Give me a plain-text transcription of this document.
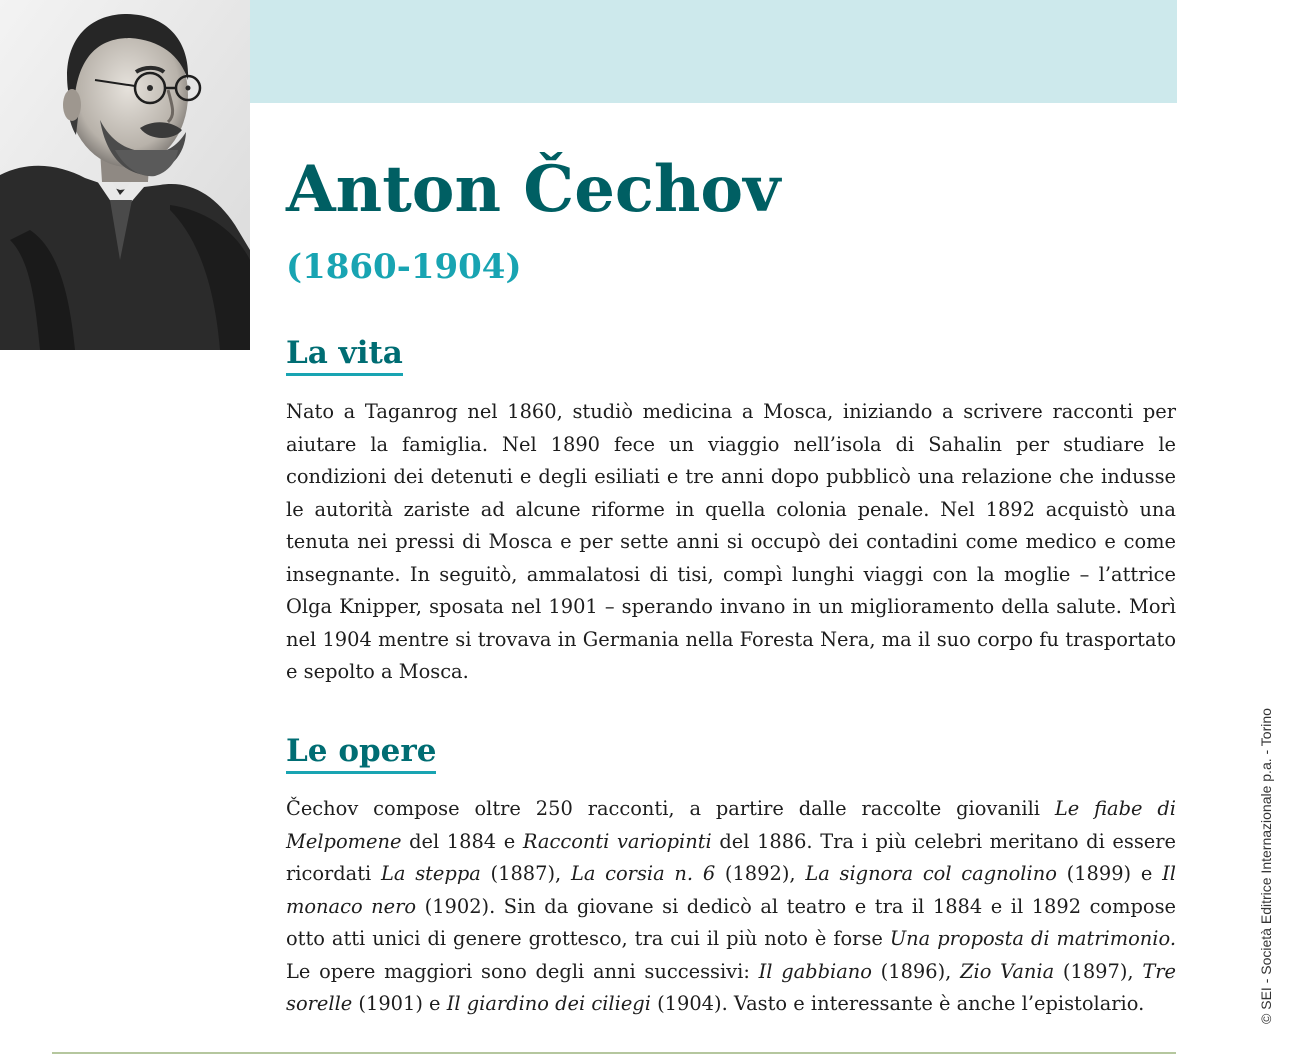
Anton Čechov
(1860-1904)
La vita

Nato a Taganrog nel 1860, studiò medicina a Mosca, iniziando a scrivere racconti per aiutare la famiglia. Nel 1890 fece un viaggio nell’isola di Sahalin per studiare le condizioni dei detenuti e degli esiliati e tre anni dopo pubblicò una relazione che indusse le autorità zariste ad alcune riforme in quella colonia penale. Nel 1892 acquistò una tenuta nei pressi di Mosca e per sette anni si occupò dei contadini come medico e come insegnante. In seguitò, ammalatosi di tisi, compì lunghi viaggi con la moglie – l’attrice Olga Knipper, sposata nel 1901 – sperando invano in un miglioramento della salute. Morì nel 1904 mentre si trovava in Germania nella Foresta Nera, ma il suo corpo fu trasportato e sepolto a Mosca.

Le opere

Čechov compose oltre 250 racconti, a partire dalle raccolte giovanili Le fiabe di Melpomene del 1884 e Racconti variopinti del 1886. Tra i più celebri meritano di essere ricordati La steppa (1887), La corsia n. 6 (1892), La signora col cagnolino (1899) e Il monaco nero (1902). Sin da giovane si dedicò al teatro e tra il 1884 e il 1892 compose otto atti unici di genere grottesco, tra cui il più noto è forse Una proposta di matrimonio. Le opere maggiori sono degli anni successivi: Il gabbiano (1896), Zio Vania (1897), Tre sorelle (1901) e Il giardino dei ciliegi (1904). Vasto e interessante è anche l’epistolario.	© SEI - Società Editrice Internazionale p.a. - Torino
